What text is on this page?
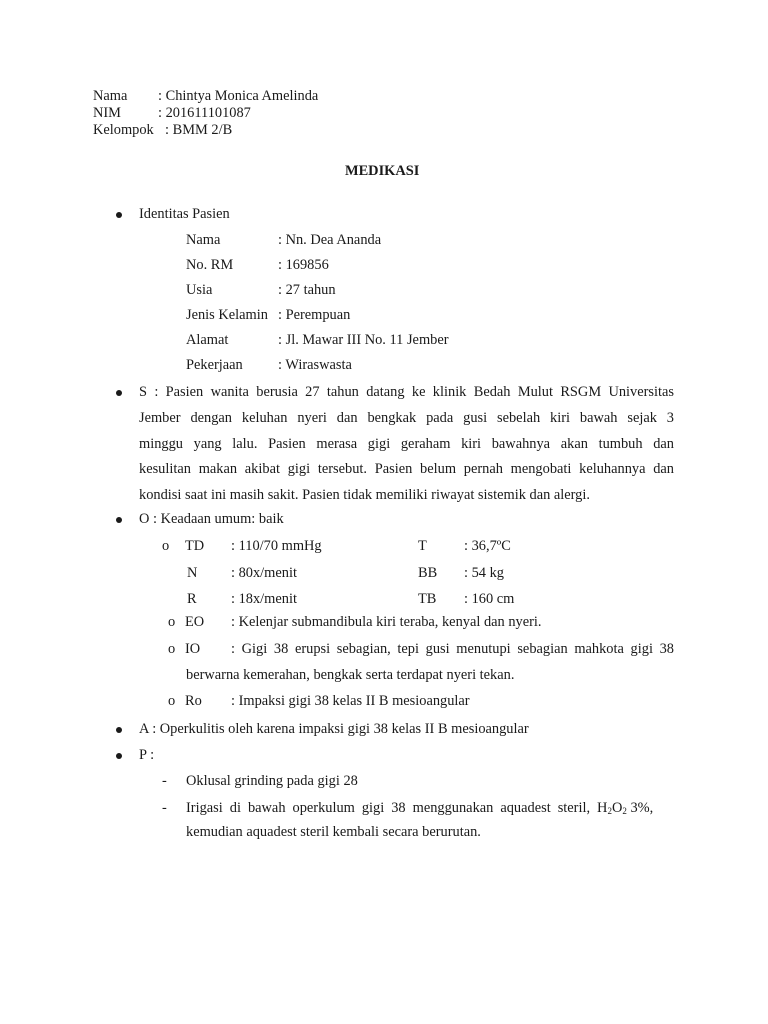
Nama : Chintya Monica Amelinda
NIM	: 201611101087
Kelompok : BMM 2/B
MEDIKASI
Identitas Pasien
Nama	: Nn. Dea Ananda
No. RM	: 169856
Usia	: 27 tahun
Jenis Kelamin : Perempuan
Alamat	: Jl. Mawar III No. 11 Jember
Pekerjaan : Wiraswasta
S : Pasien wanita berusia 27 tahun datang ke klinik Bedah Mulut RSGM Universitas
Jember dengan keluhan nyeri dan bengkak pada gusi sebelah kiri bawah sejak 3
minggu yang lalu. Pasien merasa gigi geraham kiri bawahnya akan tumbuh dan
kesulitan makan akibat gigi tersebut. Pasien belum pernah mengobati keluhannya dan
kondisi saat ini masih sakit. Pasien tidak memiliki riwayat sistemik dan alergi.
O : Keadaan umum: baik
o TD : 110/70 mmHg	T	: 36,7ºC
N : 80x/menit	BB : 54 kg
R : 18x/menit	TB : 160 cm
o EO : Kelenjar submandibula kiri teraba, kenyal dan nyeri.
o IO : Gigi 38 erupsi sebagian, tepi gusi menutupi sebagian mahkota gigi 38
berwarna kemerahan, bengkak serta terdapat nyeri tekan.
o Ro : Impaksi gigi 38 kelas II B mesioangular
A : Operkulitis oleh karena impaksi gigi 38 kelas II B mesioangular
P :
- Oklusal grinding pada gigi 28
- Irigasi di bawah operkulum gigi 38 menggunakan aquadest steril, $H_2O_2$ 3%,
kemudian aquadest steril kembali secara berurutan.
